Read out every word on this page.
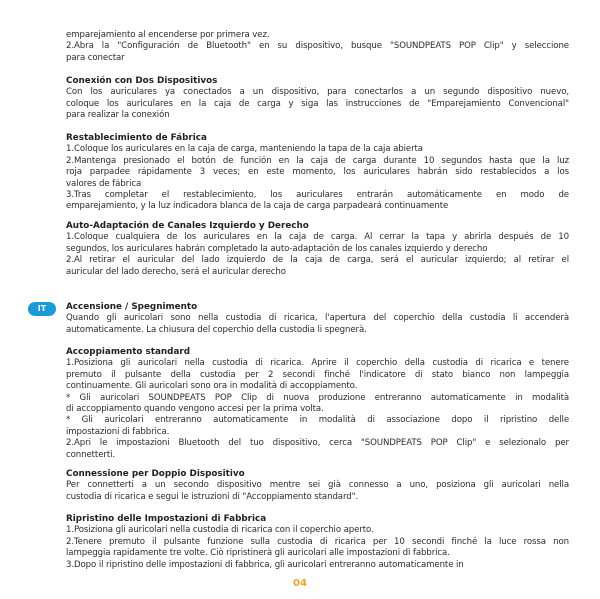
emparejamiento al encenderse por primera vez.

2.Abra la "Configuración de Bluetooth" en su dispositivo, busque "SOUNDPEATS POP Clip" y seleccione

para conectar

Conexión con Dos Dispositivos

Con los auriculares ya conectados a un dispositivo, para conectarlos a un segundo dispositivo nuevo,

coloque los auriculares en la caja de carga y siga las instrucciones de "Emparejamiento Convencional"

para realizar la conexión

Restablecimiento de Fábrica

1.Coloque los auriculares en la caja de carga, manteniendo la tapa de la caja abierta

2.Mantenga presionado el botón de función en la caja de carga durante 10 segundos hasta que la luz

roja parpadee rápidamente 3 veces; en este momento, los auriculares habrán sido restablecidos a los

valores de fábrica

3.Tras completar el restablecimiento, los auriculares entrarán automáticamente en modo de

emparejamiento, y la luz indicadora blanca de la caja de carga parpadeará continuamente

Auto-Adaptación de Canales Izquierdo y Derecho

1.Coloque cualquiera de los auriculares en la caja de carga. Al cerrar la tapa y abrirla después de 10

segundos, los auriculares habrán completado la auto-adaptación de los canales izquierdo y derecho

2.Al retirar el auricular del lado izquierdo de la caja de carga, será el auricular izquierdo; al retirar el

auricular del lado derecho, será el auricular derecho

IT	Accensione / Spegnimento

Quando gli auricolari sono nella custodia di ricarica, l'apertura del coperchio della custodia li accenderà

automaticamente. La chiusura del coperchio della custodia li spegnerà.

Accoppiamento standard

1.Posiziona gli auricolari nella custodia di ricarica. Aprire il coperchio della custodia di ricarica e tenere

premuto il pulsante della custodia per 2 secondi finché l'indicatore di stato bianco non lampeggia

continuamente. Gli auricolari sono ora in modalità di accoppiamento.

* Gli auricolari SOUNDPEATS POP Clip di nuova produzione entreranno automaticamente in modalità

di accoppiamento quando vengono accesi per la prima volta.

* Gli auricolari entreranno automaticamente in modalità di associazione dopo il ripristino delle

impostazioni di fabbrica.

2.Apri le impostazioni Bluetooth del tuo dispositivo, cerca "SOUNDPEATS POP Clip" e selezionalo per

connetterti.

Connessione per Doppio Dispositivo

Per connetterti a un secondo dispositivo mentre sei già connesso a uno, posiziona gli auricolari nella

custodia di ricarica e segui le istruzioni di "Accoppiamento standard".

Ripristino delle Impostazioni di Fabbrica

1.Posiziona gli auricolari nella custodia di ricarica con il coperchio aperto.

2.Tenere premuto il pulsante funzione sulla custodia di ricarica per 10 secondi finché la luce rossa non

lampeggia rapidamente tre volte. Ciò ripristinerà gli auricolari alle impostazioni di fabbrica.

3.Dopo il ripristino delle impostazioni di fabbrica, gli auricolari entreranno automaticamente in

04
